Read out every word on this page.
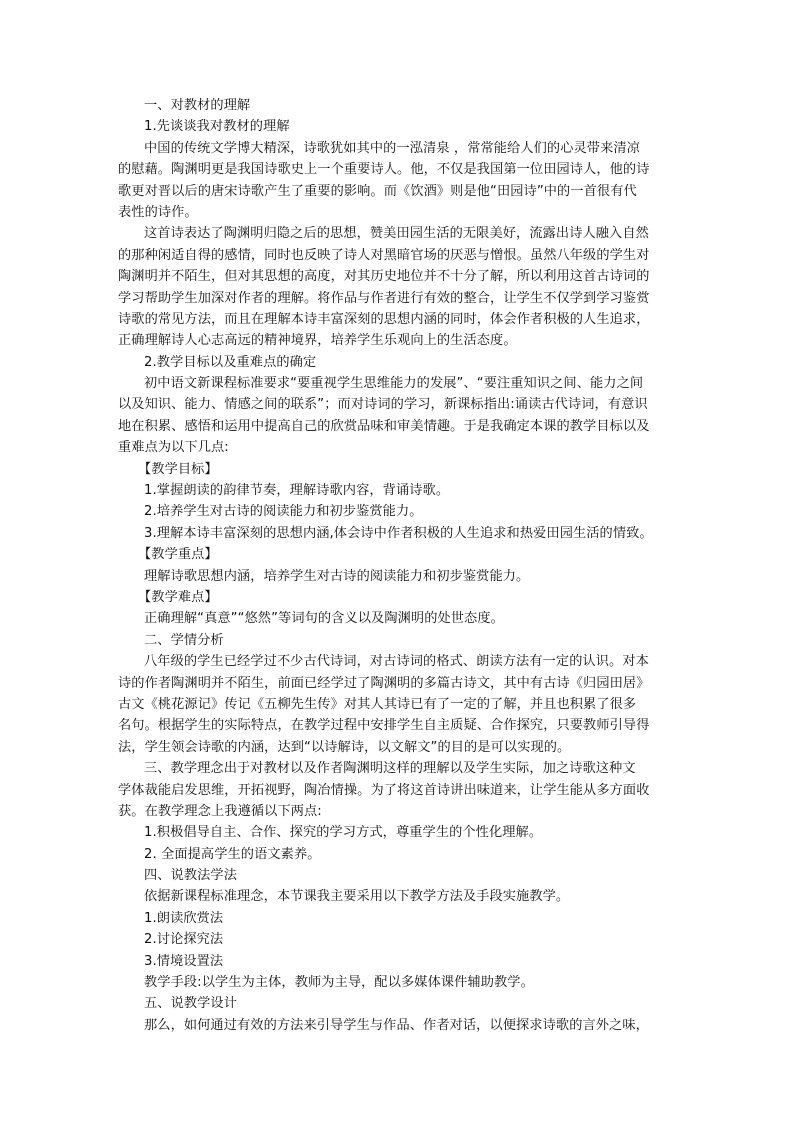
一、对教材的理解
1.先谈谈我对教材的理解
中国的传统文学博大精深，诗歌犹如其中的一泓清泉 ，常常能给人们的心灵带来清凉
的慰藉。陶渊明更是我国诗歌史上一个重要诗人。他，不仅是我国第一位田园诗人，他的诗
歌更对晋以后的唐宋诗歌产生了重要的影响。而《饮酒》则是他“田园诗”中的一首很有代
表性的诗作。
这首诗表达了陶渊明归隐之后的思想，赞美田园生活的无限美好，流露出诗人融入自然
的那种闲适自得的感情，同时也反映了诗人对黑暗官场的厌恶与憎恨。虽然八年级的学生对
陶渊明并不陌生，但对其思想的高度，对其历史地位并不十分了解，所以利用这首古诗词的
学习帮助学生加深对作者的理解。将作品与作者进行有效的整合，让学生不仅学到学习鉴赏
诗歌的常见方法，而且在理解本诗丰富深刻的思想内涵的同时，体会作者积极的人生追求，
正确理解诗人心志高远的精神境界，培养学生乐观向上的生活态度。
2.教学目标以及重难点的确定
初中语文新课程标准要求“要重视学生思维能力的发展”、“要注重知识之间、能力之间
以及知识、能力、情感之间的联系”；而对诗词的学习，新课标指出:诵读古代诗词，有意识
地在积累、感悟和运用中提高自己的欣赏品味和审美情趣。于是我确定本课的教学目标以及
重难点为以下几点:
【教学目标】
1.掌握朗读的韵律节奏，理解诗歌内容，背诵诗歌。
2.培养学生对古诗的阅读能力和初步鉴赏能力。
3.理解本诗丰富深刻的思想内涵,体会诗中作者积极的人生追求和热爱田园生活的情致。
【教学重点】
理解诗歌思想内涵，培养学生对古诗的阅读能力和初步鉴赏能力。
【教学难点】
正确理解“真意”“悠然”等词句的含义以及陶渊明的处世态度。
二、学情分析
八年级的学生已经学过不少古代诗词，对古诗词的格式、朗读方法有一定的认识。对本
诗的作者陶渊明并不陌生，前面已经学过了陶渊明的多篇古诗文，其中有古诗《归园田居》
古文《桃花源记》传记《五柳先生传》对其人其诗已有了一定的了解，并且也积累了很多
名句。根据学生的实际特点，在教学过程中安排学生自主质疑、合作探究，只要教师引导得
法，学生领会诗歌的内涵，达到“以诗解诗，以文解文”的目的是可以实现的。
三、教学理念出于对教材以及作者陶渊明这样的理解以及学生实际，加之诗歌这种文
学体裁能启发思维，开拓视野，陶冶情操。为了将这首诗讲出味道来，让学生能从多方面收
获。在教学理念上我遵循以下两点:
1.积极倡导自主、合作、探究的学习方式，尊重学生的个性化理解。
2. 全面提高学生的语文素养。
四、说教法学法
依据新课程标准理念，本节课我主要采用以下教学方法及手段实施教学。
1.朗读欣赏法
2.讨论探究法
3.情境设置法
教学手段:以学生为主体，教师为主导，配以多媒体课件辅助教学。
五、说教学设计
那么，如何通过有效的方法来引导学生与作品、作者对话，以便探求诗歌的言外之味，
